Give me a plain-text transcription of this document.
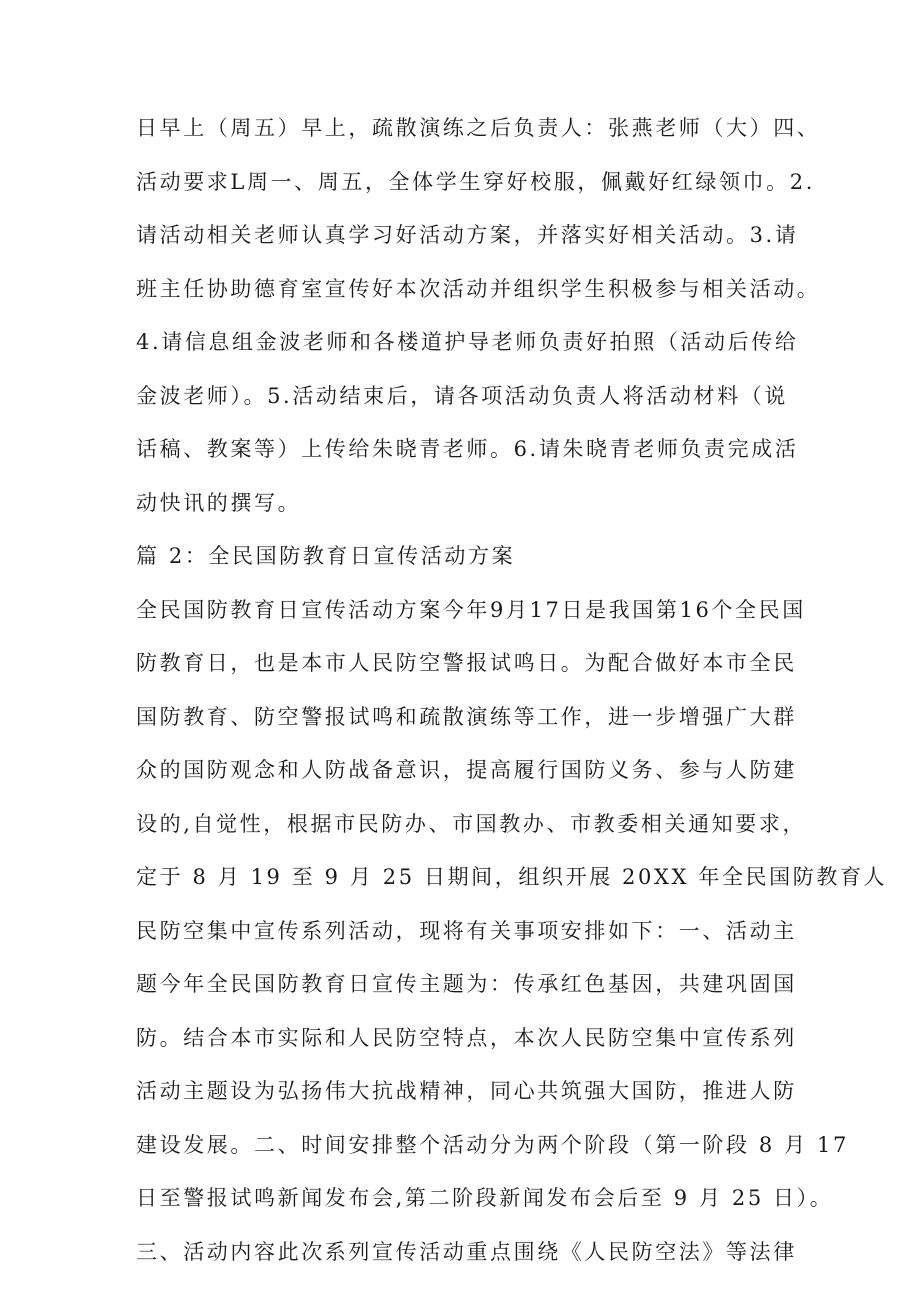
日早上（周五）早上，疏散演练之后负责人：张燕老师（大）四、
活动要求L周一、周五，全体学生穿好校服，佩戴好红绿领巾。2.
请活动相关老师认真学习好活动方案，并落实好相关活动。3.请
班主任协助德育室宣传好本次活动并组织学生积极参与相关活动。
4.请信息组金波老师和各楼道护导老师负责好拍照（活动后传给
金波老师）。5.活动结束后，请各项活动负责人将活动材料（说
话稿、教案等）上传给朱晓青老师。6.请朱晓青老师负责完成活
动快讯的撰写。
篇 2：全民国防教育日宣传活动方案
全民国防教育日宣传活动方案今年9月17日是我国第16个全民国
防教育日，也是本市人民防空警报试鸣日。为配合做好本市全民
国防教育、防空警报试鸣和疏散演练等工作，进一步增强广大群
众的国防观念和人防战备意识，提高履行国防义务、参与人防建
设的,自觉性，根据市民防办、市国教办、市教委相关通知要求，
定于 8 月 19 至 9 月 25 日期间，组织开展 20XX 年全民国防教育人
民防空集中宣传系列活动，现将有关事项安排如下：一、活动主
题今年全民国防教育日宣传主题为：传承红色基因，共建巩固国
防。结合本市实际和人民防空特点，本次人民防空集中宣传系列
活动主题设为弘扬伟大抗战精神，同心共筑强大国防，推进人防
建设发展。二、时间安排整个活动分为两个阶段（第一阶段 8 月 17
日至警报试鸣新闻发布会,第二阶段新闻发布会后至 9 月 25 日）。
三、活动内容此次系列宣传活动重点围绕《人民防空法》等法律
